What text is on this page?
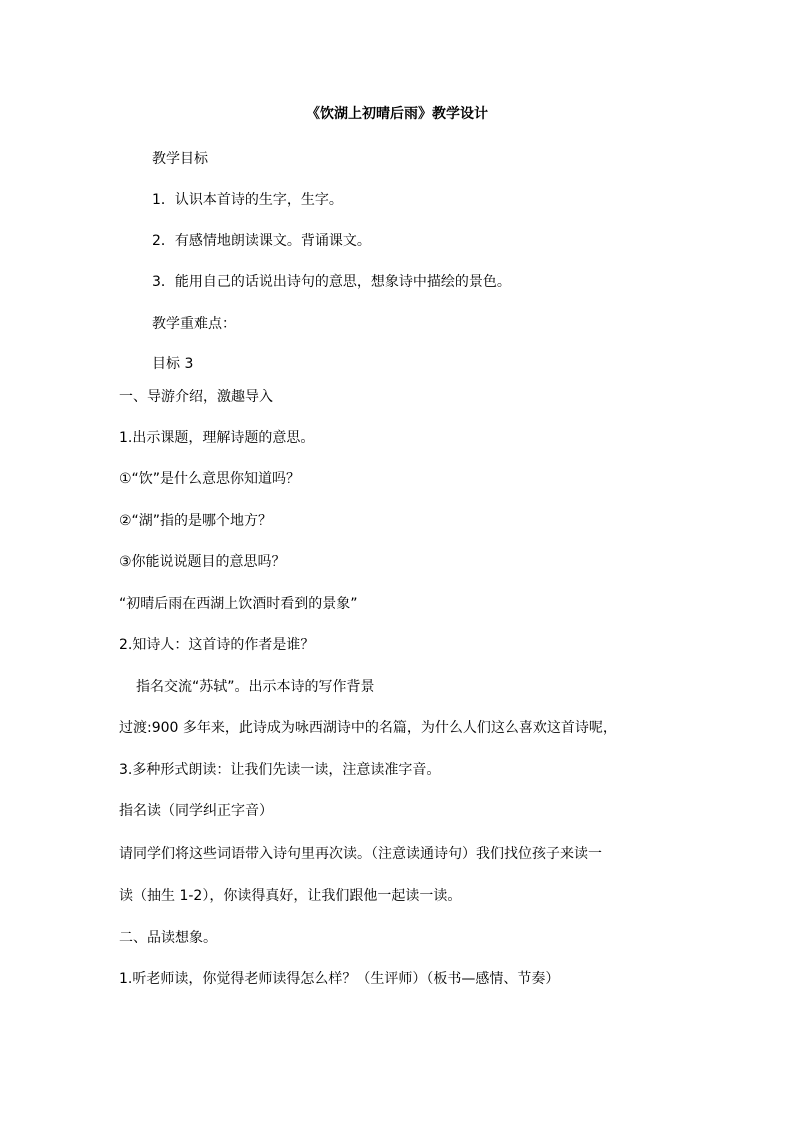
《饮湖上初晴后雨》教学设计

教学目标

1．认识本首诗的生字，生字。

2．有感情地朗读课文。背诵课文。

3．能用自己的话说出诗句的意思，想象诗中描绘的景色。

教学重难点：

目标 3

一、导游介绍，激趣导入

1.出示课题，理解诗题的意思。

①“饮”是什么意思你知道吗？

②“湖”指的是哪个地方？

③你能说说题目的意思吗？

“初晴后雨在西湖上饮酒时看到的景象”

2.知诗人：这首诗的作者是谁？

指名交流“苏轼”。出示本诗的写作背景

过渡:900 多年来，此诗成为咏西湖诗中的名篇，为什么人们这么喜欢这首诗呢，

3.多种形式朗读：让我们先读一读，注意读准字音。

指名读（同学纠正字音）

请同学们将这些词语带入诗句里再次读。（注意读通诗句）我们找位孩子来读一

读（抽生 1-2），你读得真好，让我们跟他一起读一读。

二、品读想象。

1.听老师读，你觉得老师读得怎么样？（生评师）（板书—感情、节奏）
